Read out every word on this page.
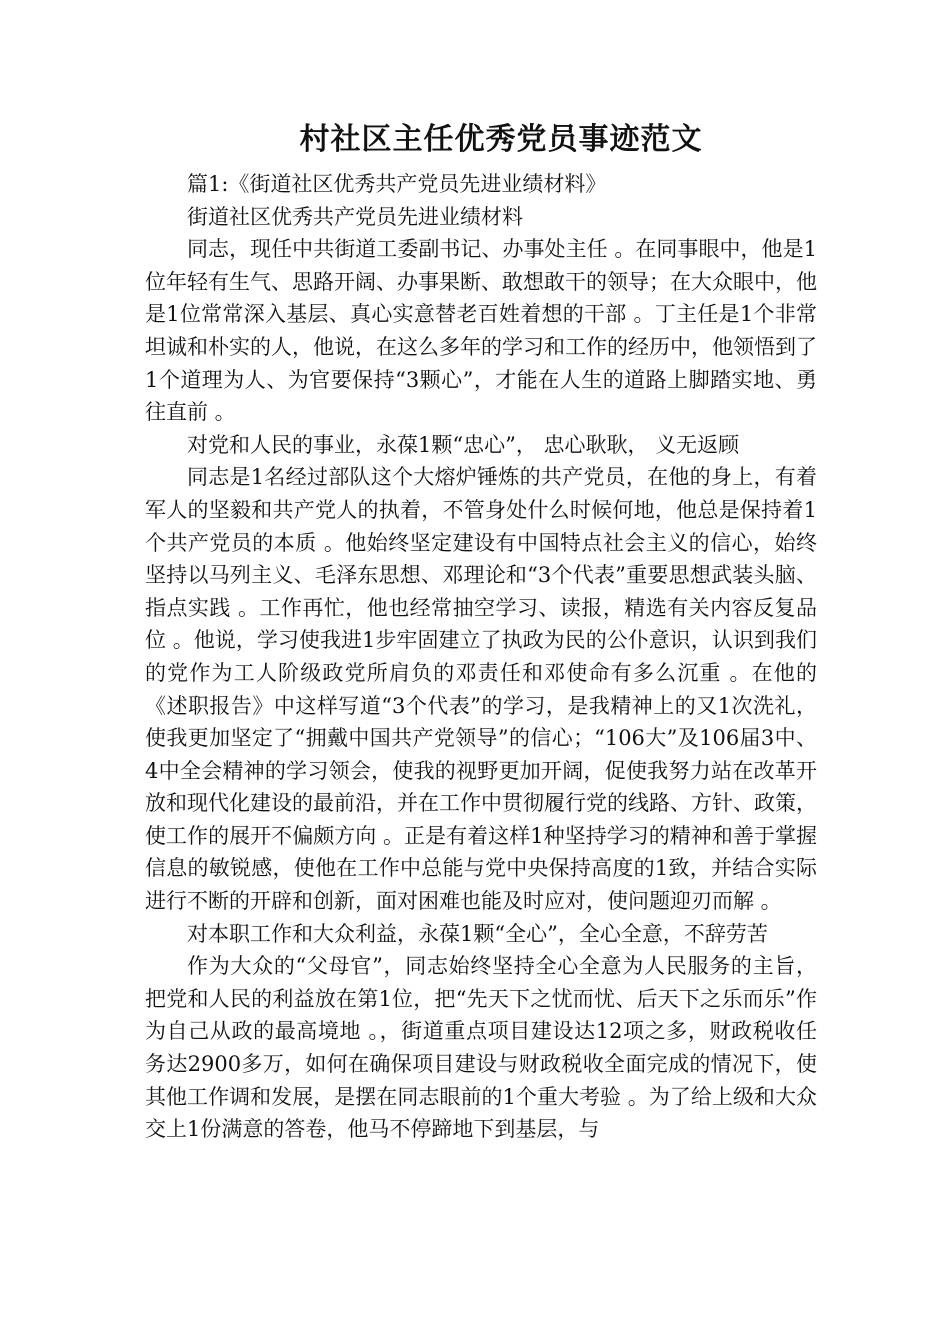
村社区主任优秀党员事迹范文

篇1:《街道社区优秀共产党员先进业绩材料》

街道社区优秀共产党员先进业绩材料

同志，现任中共街道工委副书记、办事处主任 。在同事眼中，他是1位年轻有生气、思路开阔、办事果断、敢想敢干的领导；在大众眼中，他是1位常常深入基层、真心实意替老百姓着想的干部 。丁主任是1个非常坦诚和朴实的人，他说，在这么多年的学习和工作的经历中，他领悟到了1个道理为人、为官要保持“3颗心”，才能在人生的道路上脚踏实地、勇往直前 。

对党和人民的事业，永葆1颗“忠心”， 忠心耿耿， 义无返顾

同志是1名经过部队这个大熔炉锤炼的共产党员，在他的身上，有着军人的坚毅和共产党人的执着，不管身处什么时候何地，他总是保持着1个共产党员的本质 。他始终坚定建设有中国特点社会主义的信心，始终坚持以马列主义、毛泽东思想、邓理论和“3个代表”重要思想武装头脑、指点实践 。工作再忙，他也经常抽空学习、读报，精选有关内容反复品位 。他说，学习使我进1步牢固建立了执政为民的公仆意识，认识到我们的党作为工人阶级政党所肩负的邓责任和邓使命有多么沉重 。在他的《述职报告》中这样写道“3个代表”的学习，是我精神上的又1次洗礼，使我更加坚定了“拥戴中国共产党领导”的信心；“106大”及106届3中、4中全会精神的学习领会，使我的视野更加开阔，促使我努力站在改革开放和现代化建设的最前沿，并在工作中贯彻履行党的线路、方针、政策，使工作的展开不偏颇方向 。正是有着这样1种坚持学习的精神和善于掌握信息的敏锐感，使他在工作中总能与党中央保持高度的1致，并结合实际进行不断的开辟和创新，面对困难也能及时应对，使问题迎刃而解 。

对本职工作和大众利益，永葆1颗“全心”，全心全意，不辞劳苦

作为大众的“父母官”，同志始终坚持全心全意为人民服务的主旨，把党和人民的利益放在第1位，把“先天下之忧而忧、后天下之乐而乐”作为自己从政的最高境地 。，街道重点项目建设达12项之多，财政税收任务达2900多万，如何在确保项目建设与财政税收全面完成的情况下，使其他工作调和发展，是摆在同志眼前的1个重大考验 。为了给上级和大众交上1份满意的答卷，他马不停蹄地下到基层，与
